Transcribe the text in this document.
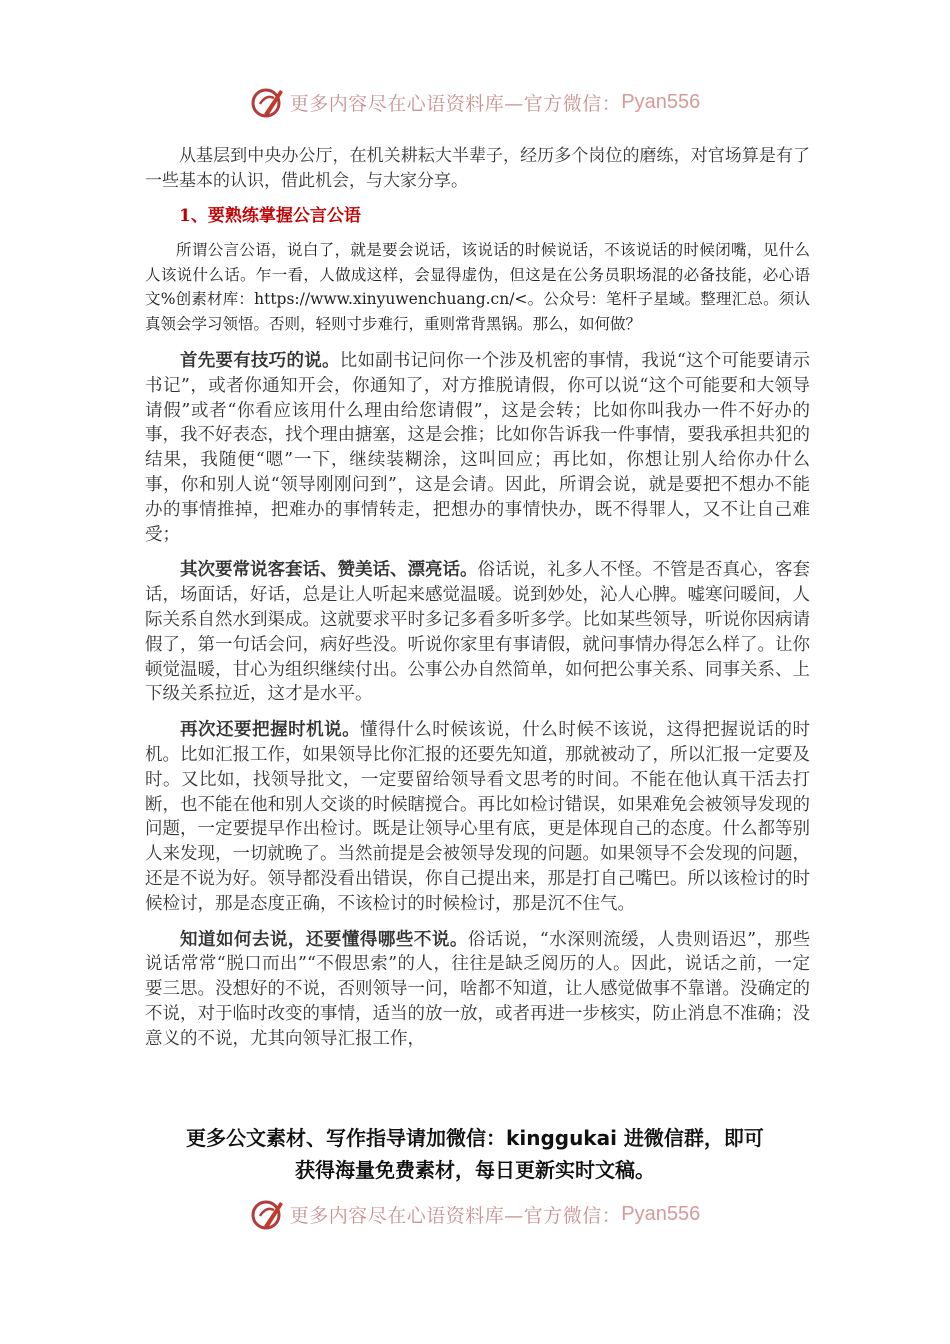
更多内容尽在心语资料库—官方微信： Pyan556

从基层到中央办公厅，在机关耕耘大半辈子，经历多个岗位的磨练，对官场算是有了一些基本的认识，借此机会，与大家分享。

1、要熟练掌握公言公语

所谓公言公语，说白了，就是要会说话，该说话的时候说话，不该说话的时候闭嘴，见什么人该说什么话。乍一看，人做成这样，会显得虚伪，但这是在公务员职场混的必备技能，必心语文%创素材库：https://www.xinyuwenchuang.cn/<。公众号：笔杆子星域。整理汇总。须认真领会学习领悟。否则，轻则寸步难行，重则常背黑锅。那么，如何做？

首先要有技巧的说。比如副书记问你一个涉及机密的事情，我说“这个可能要请示书记”，或者你通知开会，你通知了，对方推脱请假，你可以说“这个可能要和大领导请假”或者“你看应该用什么理由给您请假”，这是会转；比如你叫我办一件不好办的事，我不好表态，找个理由搪塞，这是会推；比如你告诉我一件事情，要我承担共犯的结果，我随便“嗯”一下，继续装糊涂，这叫回应；再比如，你想让别人给你办什么事，你和别人说“领导刚刚问到”，这是会请。因此，所谓会说，就是要把不想办不能办的事情推掉，把难办的事情转走，把想办的事情快办，既不得罪人，又不让自己难受；

其次要常说客套话、赞美话、漂亮话。俗话说，礼多人不怪。不管是否真心，客套话，场面话，好话，总是让人听起来感觉温暖。说到妙处，沁人心脾。嘘寒问暖间，人际关系自然水到渠成。这就要求平时多记多看多听多学。比如某些领导，听说你因病请假了，第一句话会问，病好些没。听说你家里有事请假，就问事情办得怎么样了。让你顿觉温暖，甘心为组织继续付出。公事公办自然简单，如何把公事关系、同事关系、上下级关系拉近，这才是水平。

再次还要把握时机说。懂得什么时候该说，什么时候不该说，这得把握说话的时机。比如汇报工作，如果领导比你汇报的还要先知道，那就被动了，所以汇报一定要及时。又比如，找领导批文，一定要留给领导看文思考的时间。不能在他认真干活去打断，也不能在他和别人交谈的时候瞎搅合。再比如检讨错误，如果难免会被领导发现的问题，一定要提早作出检讨。既是让领导心里有底，更是体现自己的态度。什么都等别人来发现，一切就晚了。当然前提是会被领导发现的问题。如果领导不会发现的问题，还是不说为好。领导都没看出错误，你自己提出来，那是打自己嘴巴。所以该检讨的时候检讨，那是态度正确，不该检讨的时候检讨，那是沉不住气。

知道如何去说，还要懂得哪些不说。俗话说，“水深则流缓，人贵则语迟”，那些说话常常“脱口而出”“不假思索”的人，往往是缺乏阅历的人。因此，说话之前，一定要三思。没想好的不说，否则领导一问，啥都不知道，让人感觉做事不靠谱。没确定的不说，对于临时改变的事情，适当的放一放，或者再进一步核实，防止消息不准确；没意义的不说，尤其向领导汇报工作，

更多公文素材、写作指导请加微信：kinggukai 进微信群，即可
获得海量免费素材，每日更新实时文稿。
更多内容尽在心语资料库—官方微信： Pyan556
